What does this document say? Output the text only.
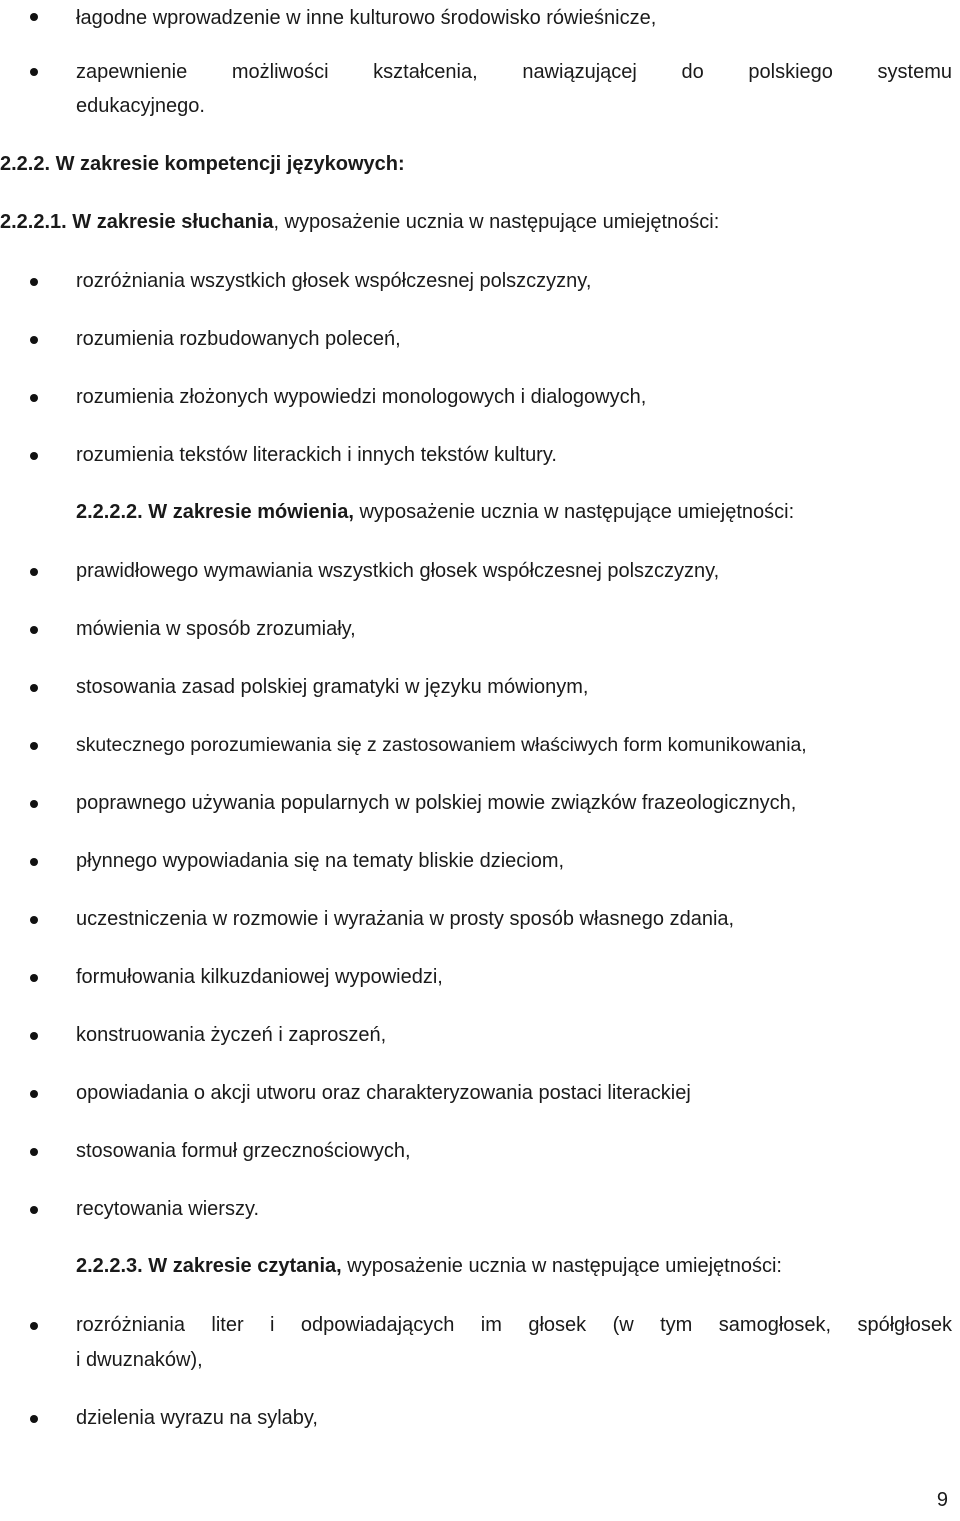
łagodne wprowadzenie w inne kulturowo środowisko rówieśnicze,
zapewnienie możliwości kształcenia, nawiązującej do polskiego systemu
edukacyjnego.
2.2.2. W zakresie kompetencji językowych:
2.2.2.1. W zakresie słuchania, wyposażenie ucznia w następujące umiejętności:
rozróżniania wszystkich głosek współczesnej polszczyzny,
rozumienia rozbudowanych poleceń,
rozumienia złożonych wypowiedzi monologowych i dialogowych,
rozumienia tekstów literackich i innych tekstów kultury.
2.2.2.2. W zakresie mówienia, wyposażenie ucznia w następujące umiejętności:
prawidłowego wymawiania wszystkich głosek współczesnej polszczyzny,
mówienia w sposób zrozumiały,
stosowania zasad polskiej gramatyki w języku mówionym,
skutecznego porozumiewania się z zastosowaniem właściwych form komunikowania,
poprawnego używania popularnych w polskiej mowie związków frazeologicznych,
płynnego wypowiadania się na tematy bliskie dzieciom,
uczestniczenia w rozmowie i wyrażania w prosty sposób własnego zdania,
formułowania kilkuzdaniowej wypowiedzi,
konstruowania życzeń i zaproszeń,
opowiadania o akcji utworu oraz charakteryzowania postaci literackiej
stosowania formuł grzecznościowych,
recytowania wierszy.
2.2.2.3. W zakresie czytania, wyposażenie ucznia w następujące umiejętności:
rozróżniania liter i odpowiadających im głosek (w tym samogłosek, spółgłosek
i dwuznaków),
dzielenia wyrazu na sylaby,
9
